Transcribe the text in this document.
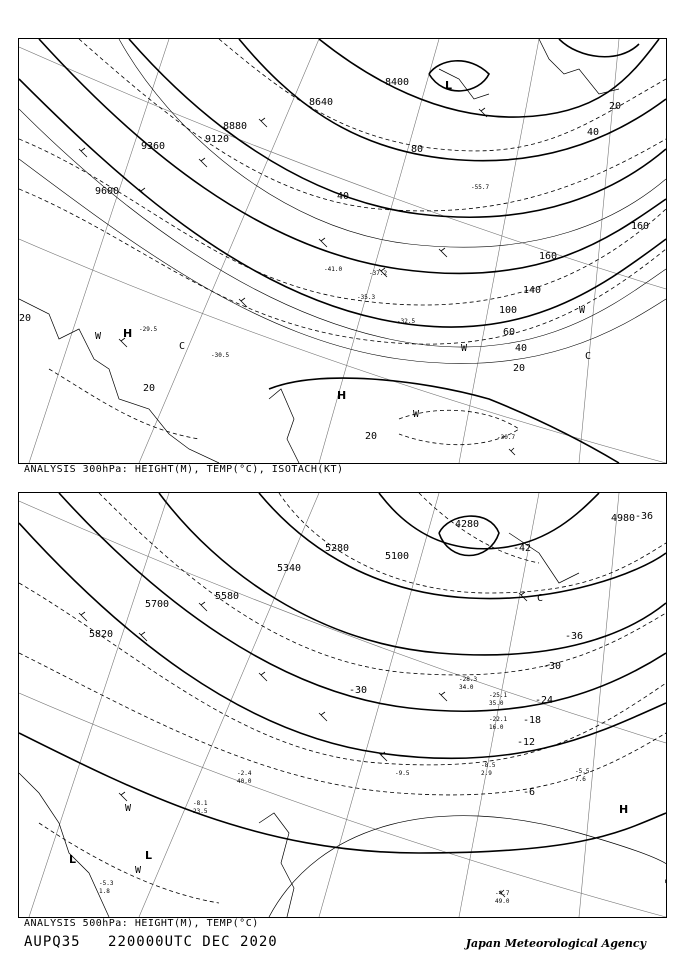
8400
8640
8880
9120
9360
9600
20
40
60
100
140
160
20
40
80
40
20
20
20
160
L
H
H
W
W
W
W
C
C
-30.7
-55.7
-32.5
-41.0
-35.3
-29.5
-37.2
-30.5
ANALYSIS 300hPa: HEIGHT(M), TEMP(°C), ISOTACH(KT)
4980
5100
5280
5340
5580
5700
5820
4280
-36
-30
-24
-18
-12
-6
-36
-30
-42
L	L
H
W
W
C
-4.7
49.0
-8.5
2.9	-5.5
7.6
-9.5
-28.3
34.0
-25.1
35.0
-22.1
16.0
-8.1
23.5
-2.4
40.0
-5.3
1.8
ANALYSIS 500hPa: HEIGHT(M), TEMP(°C)
AUPQ35 220000UTC DEC 2020	Japan Meteorological Agency
